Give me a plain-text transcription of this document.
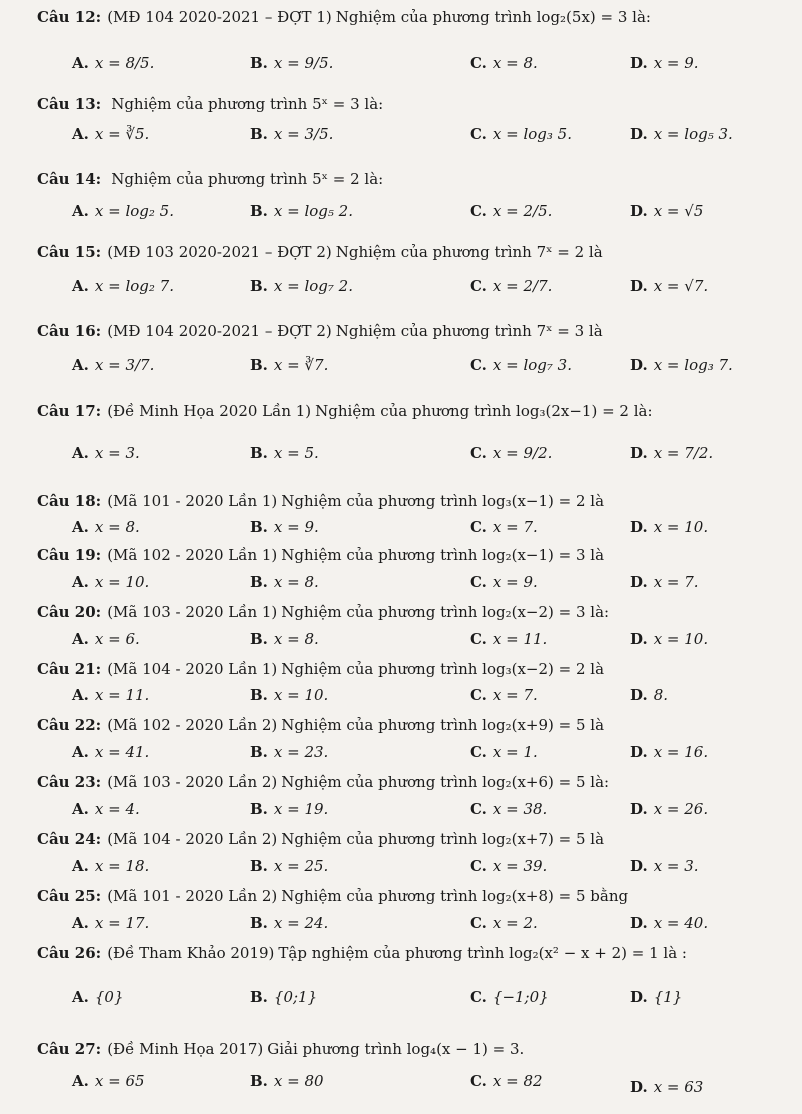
Câu 12: (MĐ 104 2020-2021 – ĐỢT 1) Nghiệm của phương trình log₂(5x) = 3 là:
A. x = 8/5.	B. x = 9/5.	C. x = 8.	D. x = 9.
Câu 13: Nghiệm của phương trình 5ˣ = 3 là:
A. x = ∛5.	B. x = 3/5.	C. x = log₃ 5.	D. x = log₅ 3.
Câu 14: Nghiệm của phương trình 5ˣ = 2 là:
A. x = log₂ 5.	B. x = log₅ 2.	C. x = 2/5.	D. x = √5
Câu 15: (MĐ 103 2020-2021 – ĐỢT 2) Nghiệm của phương trình 7ˣ = 2 là
A. x = log₂ 7.	B. x = log₇ 2.	C. x = 2/7.	D. x = √7.
Câu 16: (MĐ 104 2020-2021 – ĐỢT 2) Nghiệm của phương trình 7ˣ = 3 là
A. x = 3/7.	B. x = ∛7.	C. x = log₇ 3.	D. x = log₃ 7.
Câu 17: (Đề Minh Họa 2020 Lần 1) Nghiệm của phương trình log₃(2x−1) = 2 là:
A. x = 3.	B. x = 5.	C. x = 9/2.	D. x = 7/2.
Câu 18: (Mã 101 - 2020 Lần 1) Nghiệm của phương trình log₃(x−1) = 2 là
A. x = 8.	B. x = 9.	C. x = 7.	D. x = 10.
Câu 19: (Mã 102 - 2020 Lần 1) Nghiệm của phương trình log₂(x−1) = 3 là
A. x = 10.	B. x = 8.	C. x = 9.	D. x = 7.
Câu 20: (Mã 103 - 2020 Lần 1) Nghiệm của phương trình log₂(x−2) = 3 là:
A. x = 6.	B. x = 8.	C. x = 11.	D. x = 10.
Câu 21: (Mã 104 - 2020 Lần 1) Nghiệm của phương trình log₃(x−2) = 2 là
A. x = 11.	B. x = 10.	C. x = 7.	D. 8.
Câu 22: (Mã 102 - 2020 Lần 2) Nghiệm của phương trình log₂(x+9) = 5 là
A. x = 41.	B. x = 23.	C. x = 1.	D. x = 16.
Câu 23: (Mã 103 - 2020 Lần 2) Nghiệm của phương trình log₂(x+6) = 5 là:
A. x = 4.	B. x = 19.	C. x = 38.	D. x = 26.
Câu 24: (Mã 104 - 2020 Lần 2) Nghiệm của phương trình log₂(x+7) = 5 là
A. x = 18.	B. x = 25.	C. x = 39.	D. x = 3.
Câu 25: (Mã 101 - 2020 Lần 2) Nghiệm của phương trình log₂(x+8) = 5 bằng
A. x = 17.	B. x = 24.	C. x = 2.	D. x = 40.
Câu 26: (Đề Tham Khảo 2019) Tập nghiệm của phương trình log₂(x² − x + 2) = 1 là :
A. {0}	B. {0;1}	C. {−1;0}	D. {1}
Câu 27: (Đề Minh Họa 2017) Giải phương trình log₄(x − 1) = 3.
A. x = 65	B. x = 80	C. x = 82	D. x = 63
